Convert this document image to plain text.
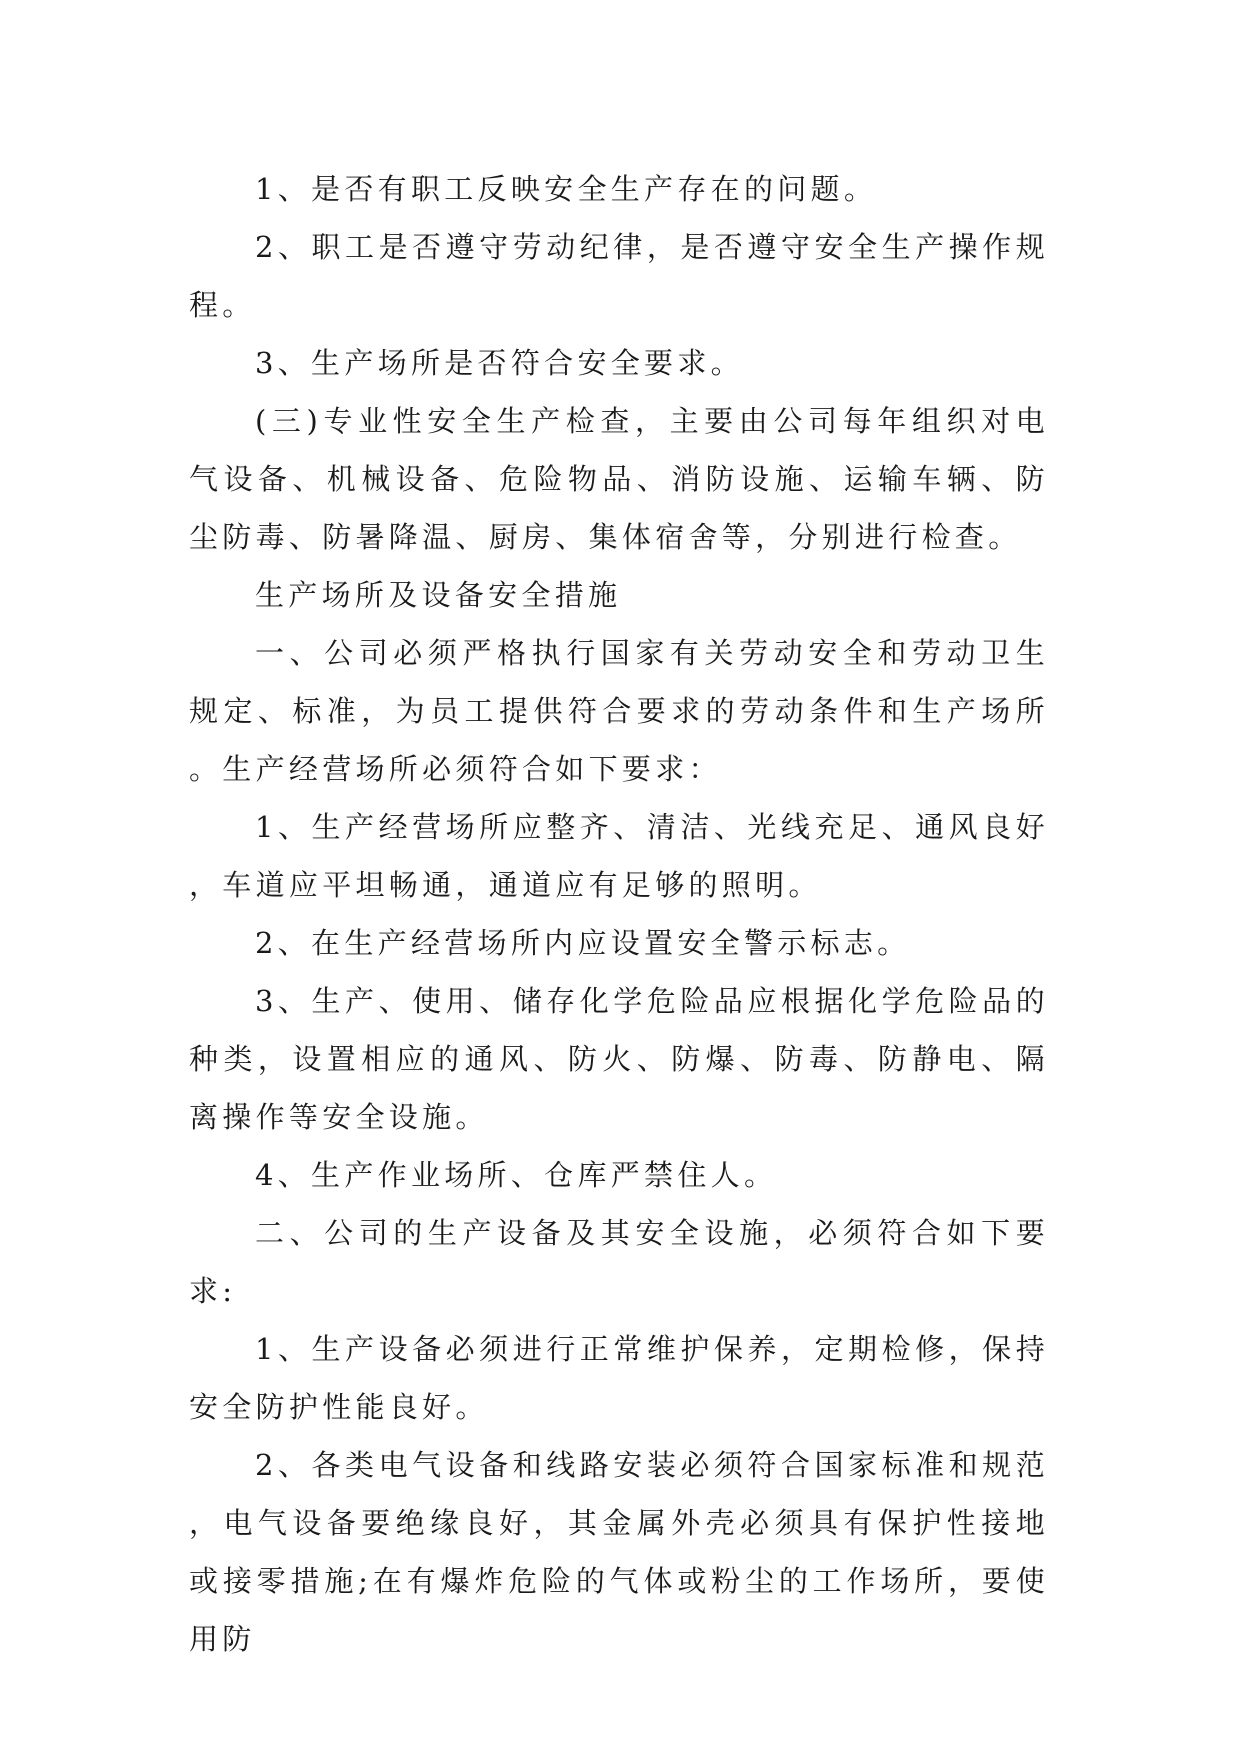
1、是否有职工反映安全生产存在的问题。

2、职工是否遵守劳动纪律，是否遵守安全生产操作规程。

3、生产场所是否符合安全要求。

(三)专业性安全生产检查，主要由公司每年组织对电气设备、机械设备、危险物品、消防设施、运输车辆、防尘防毒、防暑降温、厨房、集体宿舍等，分别进行检查。

生产场所及设备安全措施

一、公司必须严格执行国家有关劳动安全和劳动卫生规定、标准，为员工提供符合要求的劳动条件和生产场所。生产经营场所必须符合如下要求：

1、生产经营场所应整齐、清洁、光线充足、通风良好，车道应平坦畅通，通道应有足够的照明。

2、在生产经营场所内应设置安全警示标志。

3、生产、使用、储存化学危险品应根据化学危险品的种类，设置相应的通风、防火、防爆、防毒、防静电、隔离操作等安全设施。

4、生产作业场所、仓库严禁住人。

二、公司的生产设备及其安全设施，必须符合如下要求:

1、生产设备必须进行正常维护保养，定期检修，保持安全防护性能良好。

2、各类电气设备和线路安装必须符合国家标准和规范，电气设备要绝缘良好，其金属外壳必须具有保护性接地或接零措施;在有爆炸危险的气体或粉尘的工作场所，要使用防
